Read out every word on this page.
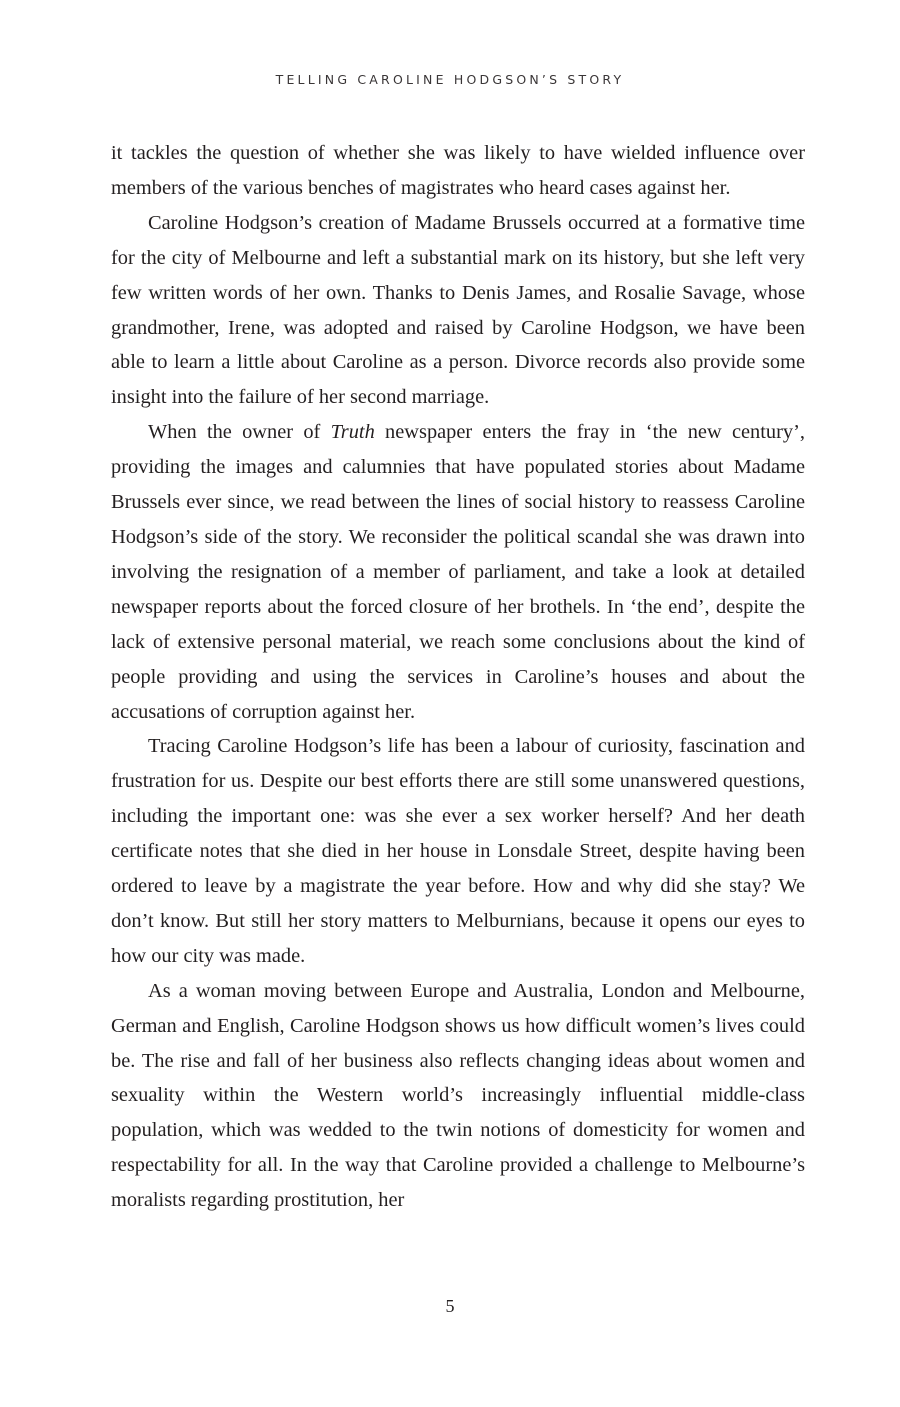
TELLING CAROLINE HODGSON’S STORY

it tackles the question of whether she was likely to have wielded influence over members of the various benches of magistrates who heard cases against her.

Caroline Hodgson’s creation of Madame Brussels occurred at a formative time for the city of Melbourne and left a substantial mark on its history, but she left very few written words of her own. Thanks to Denis James, and Rosalie Savage, whose grandmother, Irene, was adopted and raised by Caroline Hodgson, we have been able to learn a little about Caroline as a person. Divorce records also provide some insight into the failure of her second marriage.

When the owner of Truth newspaper enters the fray in ‘the new century’, providing the images and calumnies that have populated stories about Madame Brussels ever since, we read between the lines of social history to reassess Caroline Hodgson’s side of the story. We reconsider the political scandal she was drawn into involving the resignation of a member of parliament, and take a look at detailed newspaper reports about the forced closure of her brothels. In ‘the end’, despite the lack of extensive personal material, we reach some conclusions about the kind of people providing and using the services in Caroline’s houses and about the accusations of corruption against her.

Tracing Caroline Hodgson’s life has been a labour of curiosity, fascination and frustration for us. Despite our best efforts there are still some unanswered questions, including the important one: was she ever a sex worker herself? And her death certificate notes that she died in her house in Lonsdale Street, despite having been ordered to leave by a magistrate the year before. How and why did she stay? We don’t know. But still her story matters to Melburnians, because it opens our eyes to how our city was made.

As a woman moving between Europe and Australia, London and Melbourne, German and English, Caroline Hodgson shows us how difficult women’s lives could be. The rise and fall of her business also reflects changing ideas about women and sexuality within the Western world’s increasingly influential middle-class population, which was wedded to the twin notions of domesticity for women and respectability for all. In the way that Caroline provided a challenge to Melbourne’s moralists regarding prostitution, her

5
